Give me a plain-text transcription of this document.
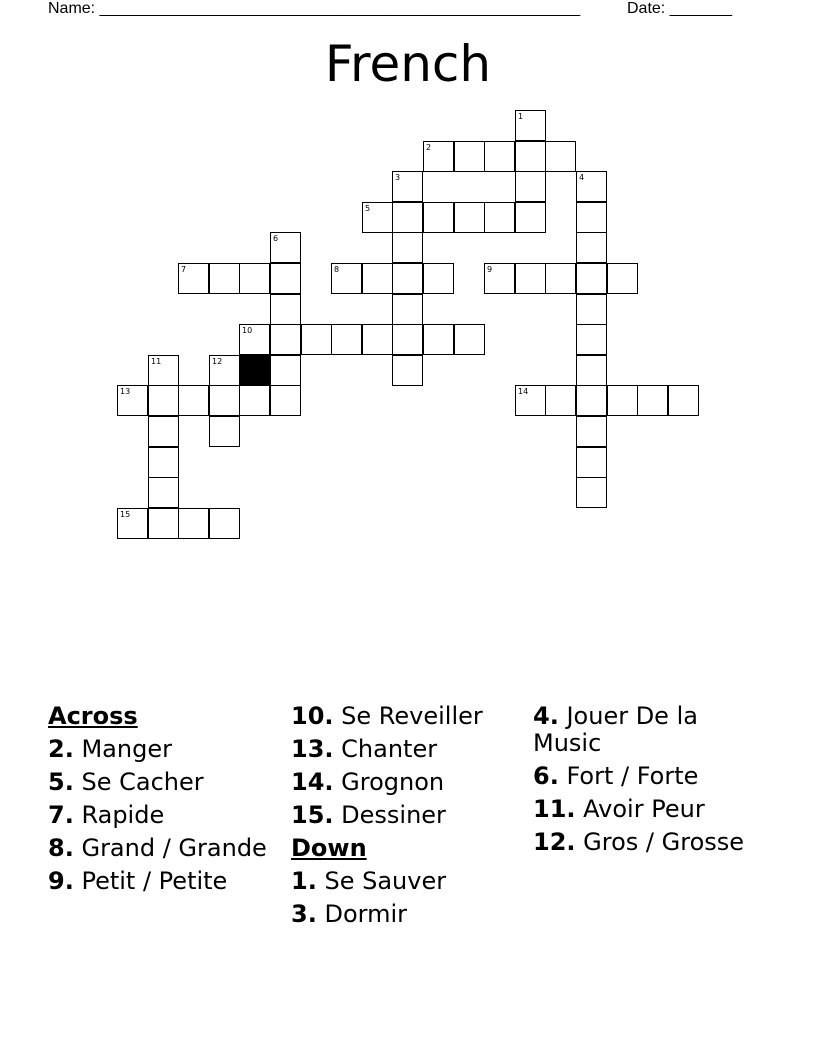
Name: ______________________________________________________	Date: _______
French
1
2
3	4
5
6
7	8	9
10
11	12
13	14
15
Across
2. Manger
5. Se Cacher
7. Rapide
8. Grand / Grande
9. Petit / Petite
10. Se Reveiller
13. Chanter
14. Grognon
15. Dessiner
Down
1. Se Sauver
3. Dormir
4. Jouer De la Music
6. Fort / Forte
11. Avoir Peur
12. Gros / Grosse
